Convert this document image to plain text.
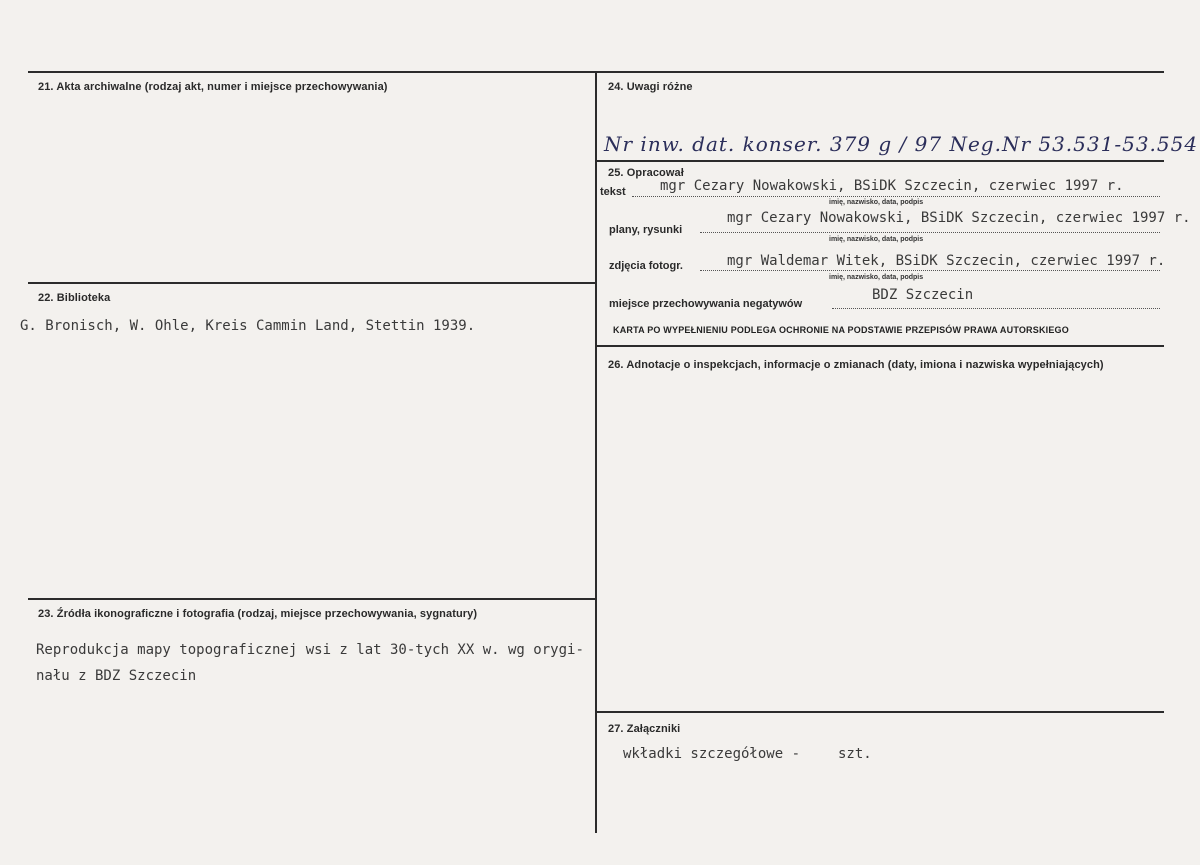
21. Akta archiwalne (rodzaj akt, numer i miejsce przechowywania)
22. Biblioteka
G. Bronisch, W. Ohle, Kreis Cammin Land, Stettin 1939.
23. Źródła ikonograficzne i fotografia (rodzaj, miejsce przechowywania, sygnatury)
Reprodukcja mapy topograficznej wsi z lat 30-tych XX w. wg orygi-
nału z BDZ Szczecin
24. Uwagi różne
Nr inw. dat. konser. 379 g / 97 Neg.Nr 53.531-53.554
25. Opracował
tekst mgr Cezary Nowakowski, BSiDK Szczecin, czerwiec 1997 r.
imię, nazwisko, data, podpis
plany, rysunki
mgr Cezary Nowakowski, BSiDK Szczecin, czerwiec 1997 r.
imię, nazwisko, data, podpis
zdjęcia fotogr.	mgr Waldemar Witek, BSiDK Szczecin, czerwiec 1997 r.
imię, nazwisko, data, podpis
miejsce przechowywania negatywów
BDZ Szczecin
KARTA PO WYPEŁNIENIU PODLEGA OCHRONIE NA PODSTAWIE PRZEPISÓW PRAWA AUTORSKIEGO
26. Adnotacje o inspekcjach, informacje o zmianach (daty, imiona i nazwiska wypełniających)
27. Załączniki
wkładki szczegółowe -	szt.
